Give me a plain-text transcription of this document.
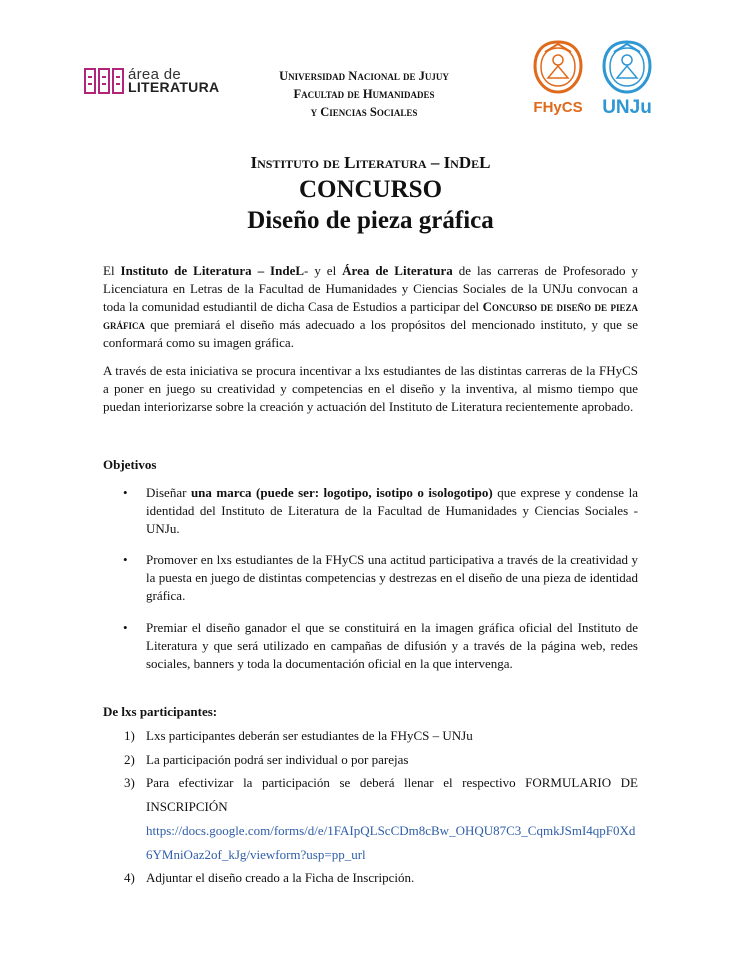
área de
LITERATURA
Universidad Nacional de Jujuy
Facultad de Humanidades
y Ciencias Sociales	FHyCS	UNJu
Instituto de Literatura – InDeL
CONCURSO
Diseño de pieza gráfica
El Instituto de Literatura – IndeL- y el Área de Literatura de las carreras de Profesorado y Licenciatura en Letras de la Facultad de Humanidades y Ciencias Sociales de la UNJu convocan a toda la comunidad estudiantil de dicha Casa de Estudios a participar del Concurso de diseño de pieza gráfica que premiará el diseño más adecuado a los propósitos del mencionado instituto, y que se conformará como su imagen gráfica.
A través de esta iniciativa se procura incentivar a lxs estudiantes de las distintas carreras de la FHyCS a poner en juego su creatividad y competencias en el diseño y la inventiva, al mismo tiempo que puedan interiorizarse sobre la creación y actuación del Instituto de Literatura recientemente aprobado.
Objetivos
• Diseñar una marca (puede ser: logotipo, isotipo o isologotipo) que exprese y condense la identidad del Instituto de Literatura de la Facultad de Humanidades y Ciencias Sociales - UNJu.
• Promover en lxs estudiantes de la FHyCS una actitud participativa a través de la creatividad y la puesta en juego de distintas competencias y destrezas en el diseño de una pieza de identidad gráfica.
• Premiar el diseño ganador el que se constituirá en la imagen gráfica oficial del Instituto de Literatura y que será utilizado en campañas de difusión y a través de la página web, redes sociales, banners y toda la documentación oficial en la que intervenga.
De lxs participantes:
1) Lxs participantes deberán ser estudiantes de la FHyCS – UNJu
2) La participación podrá ser individual o por parejas
3) Para efectivizar la participación se deberá llenar el respectivo FORMULARIO DE INSCRIPCIÓN
https://docs.google.com/forms/d/e/1FAIpQLScCDm8cBw_OHQU87C3_CqmkJSmI4qpF0Xd6YMniOaz2of_kJg/viewform?usp=pp_url
4) Adjuntar el diseño creado a la Ficha de Inscripción.
